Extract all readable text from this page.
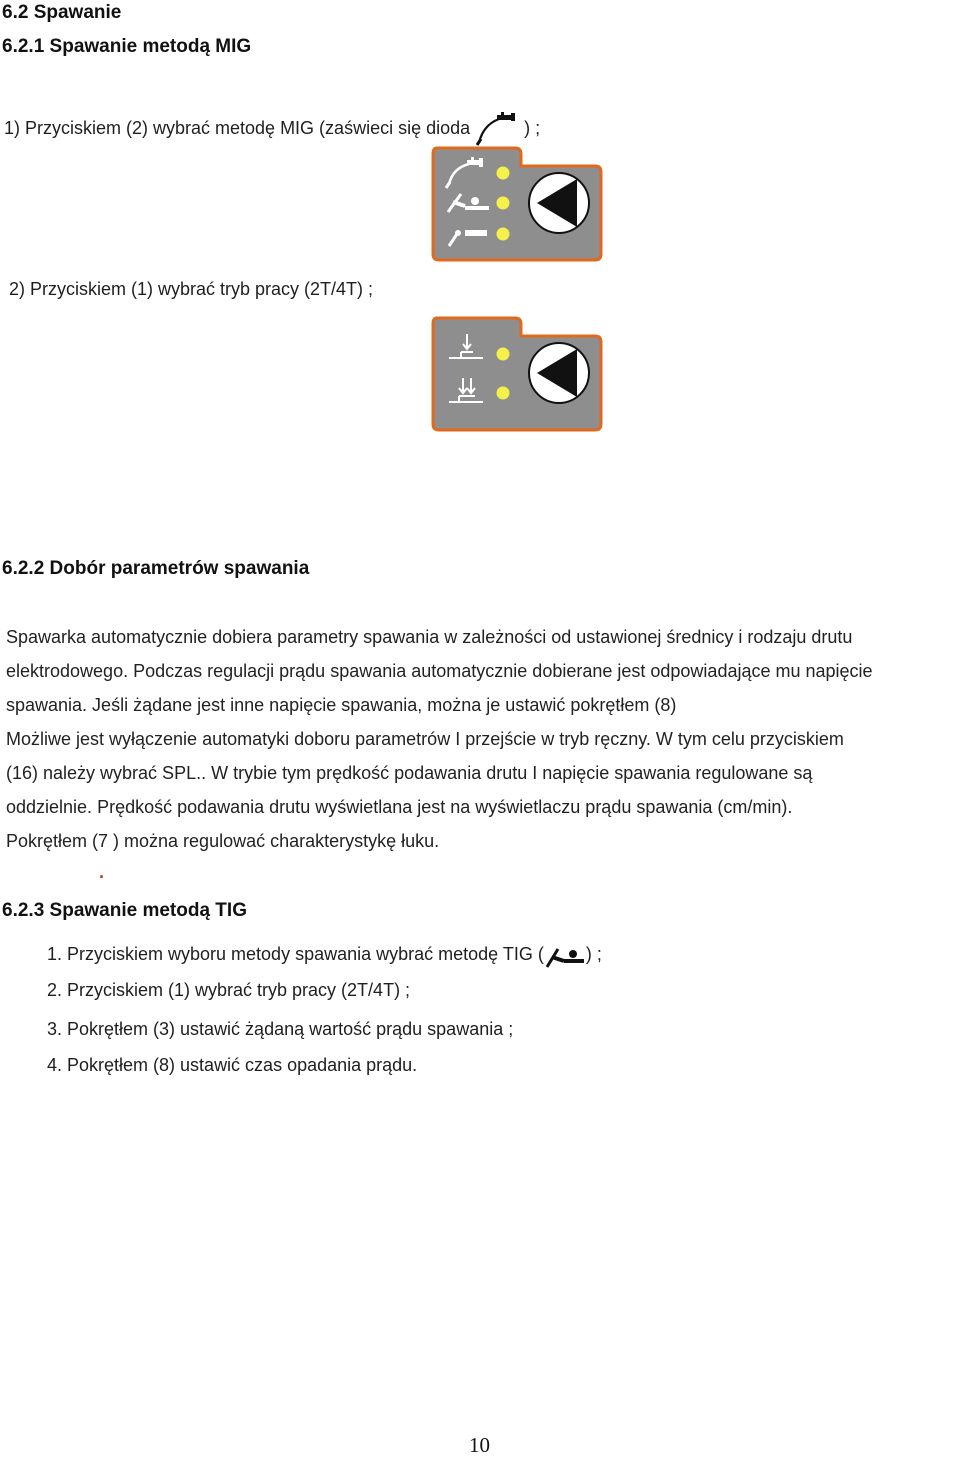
6.2 Spawanie
6.2.1 Spawanie metodą MIG
1) Przyciskiem (2) wybrać metodę MIG (zaświeci się dioda  ) ;
2) Przyciskiem (1) wybrać tryb pracy (2T/4T) ;
6.2.2 Dobór parametrów spawania
Spawarka automatycznie dobiera parametry spawania w zależności od ustawionej średnicy i rodzaju drutu
elektrodowego. Podczas regulacji prądu spawania automatycznie dobierane jest odpowiadające mu napięcie
spawania. Jeśli żądane jest inne napięcie spawania, można je ustawić pokrętłem (8)
Możliwe jest wyłączenie automatyki doboru parametrów I przejście w tryb ręczny. W tym celu przyciskiem
(16) należy wybrać SPL.. W trybie tym prędkość podawania drutu I napięcie spawania regulowane są
oddzielnie. Prędkość podawania drutu wyświetlana jest na wyświetlaczu prądu spawania (cm/min).
Pokrętłem (7 ) można regulować charakterystykę łuku.
.
6.2.3 Spawanie metodą TIG
1. Przyciskiem wyboru metody spawania wybrać metodę TIG ( ) ;
2. Przyciskiem (1) wybrać tryb pracy (2T/4T) ;
3. Pokrętłem (3) ustawić żądaną wartość prądu spawania ;
4. Pokrętłem (8) ustawić czas opadania prądu.
10
